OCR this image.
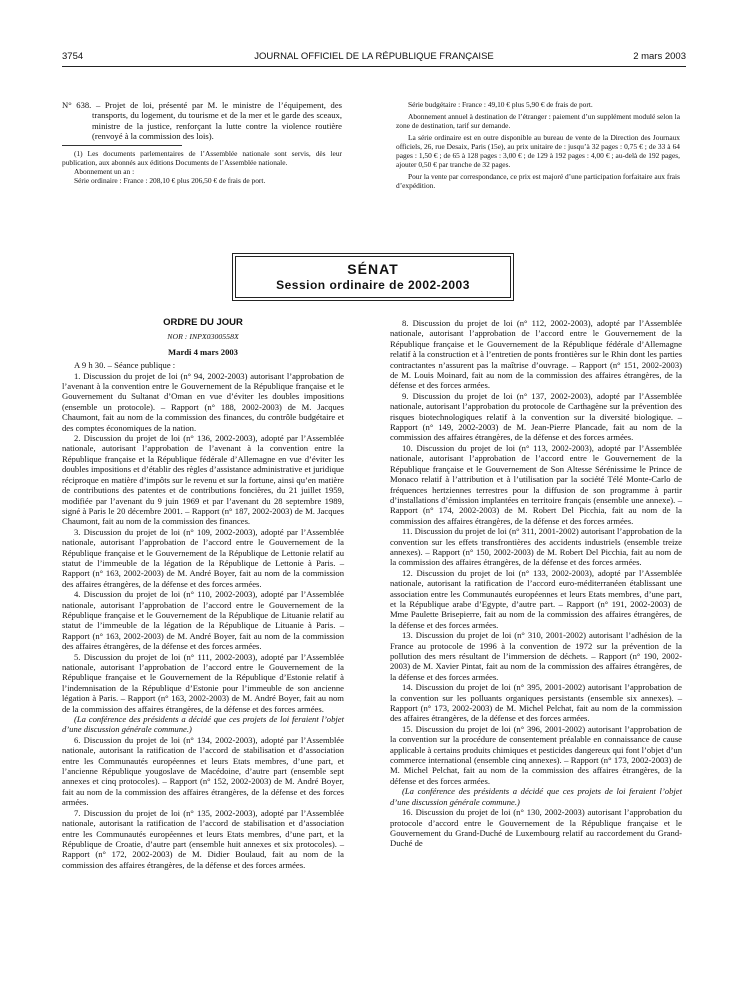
3754	JOURNAL OFFICIEL DE LA RÉPUBLIQUE FRANÇAISE	2 mars 2003

N° 638. – Projet de loi, présenté par M. le ministre de l’équipement, des transports, du logement, du tourisme et de la mer et le garde des sceaux, ministre de la justice, renforçant la lutte contre la violence routière (renvoyé à la commission des lois).

(1) Les documents parlementaires de l’Assemblée nationale sont servis, dès leur publication, aux abonnés aux éditions Documents de l’Assemblée nationale.

Abonnement un an :

Série ordinaire : France : 208,10 € plus 206,50 € de frais de port.

Série budgétaire : France : 49,10 € plus 5,90 € de frais de port.

Abonnement annuel à destination de l’étranger : paiement d’un supplément modulé selon la zone de destination, tarif sur demande.

La série ordinaire est en outre disponible au bureau de vente de la Direction des Journaux officiels, 26, rue Desaix, Paris (15e), au prix unitaire de : jusqu’à 32 pages : 0,75 € ; de 33 à 64 pages : 1,50 € ; de 65 à 128 pages : 3,00 € ; de 129 à 192 pages : 4,00 € ; au-delà de 192 pages, ajouter 0,50 € par tranche de 32 pages.

Pour la vente par correspondance, ce prix est majoré d’une participation forfaitaire aux frais d’expédition.

SÉNAT
Session ordinaire de 2002-2003

ORDRE DU JOUR

NOR : INPX0300558X

Mardi 4 mars 2003

A 9 h 30. – Séance publique :

1. Discussion du projet de loi (n° 94, 2002-2003) autorisant l’approbation de l’avenant à la convention entre le Gouvernement de la République française et le Gouvernement du Sultanat d’Oman en vue d’éviter les doubles impositions (ensemble un protocole). – Rapport (n° 188, 2002-2003) de M. Jacques Chaumont, fait au nom de la commission des finances, du contrôle budgétaire et des comptes économiques de la nation.

2. Discussion du projet de loi (n° 136, 2002-2003), adopté par l’Assemblée nationale, autorisant l’approbation de l’avenant à la convention entre la République française et la République fédérale d’Allemagne en vue d’éviter les doubles impositions et d’établir des règles d’assistance administrative et juridique réciproque en matière d’impôts sur le revenu et sur la fortune, ainsi qu’en matière de contributions des patentes et de contributions foncières, du 21 juillet 1959, modifiée par l’avenant du 9 juin 1969 et par l’avenant du 28 septembre 1989, signé à Paris le 20 décembre 2001. – Rapport (n° 187, 2002-2003) de M. Jacques Chaumont, fait au nom de la commission des finances.

3. Discussion du projet de loi (n° 109, 2002-2003), adopté par l’Assemblée nationale, autorisant l’approbation de l’accord entre le Gouvernement de la République française et le Gouvernement de la République de Lettonie relatif au statut de l’immeuble de la légation de la République de Lettonie à Paris. – Rapport (n° 163, 2002-2003) de M. André Boyer, fait au nom de la commission des affaires étrangères, de la défense et des forces armées.

4. Discussion du projet de loi (n° 110, 2002-2003), adopté par l’Assemblée nationale, autorisant l’approbation de l’accord entre le Gouvernement de la République française et le Gouvernement de la République de Lituanie relatif au statut de l’immeuble de la légation de la République de Lituanie à Paris. – Rapport (n° 163, 2002-2003) de M. André Boyer, fait au nom de la commission des affaires étrangères, de la défense et des forces armées.

5. Discussion du projet de loi (n° 111, 2002-2003), adopté par l’Assemblée nationale, autorisant l’approbation de l’accord entre le Gouvernement de la République française et le Gouvernement de la République d’Estonie relatif à l’indemnisation de la République d’Estonie pour l’immeuble de son ancienne légation à Paris. – Rapport (n° 163, 2002-2003) de M. André Boyer, fait au nom de la commission des affaires étrangères, de la défense et des forces armées.

(La conférence des présidents a décidé que ces projets de loi feraient l’objet d’une discussion générale commune.)

6. Discussion du projet de loi (n° 134, 2002-2003), adopté par l’Assemblée nationale, autorisant la ratification de l’accord de stabilisation et d’association entre les Communautés européennes et leurs Etats membres, d’une part, et l’ancienne République yougoslave de Macédoine, d’autre part (ensemble sept annexes et cinq protocoles). – Rapport (n° 152, 2002-2003) de M. André Boyer, fait au nom de la commission des affaires étrangères, de la défense et des forces armées.

7. Discussion du projet de loi (n° 135, 2002-2003), adopté par l’Assemblée nationale, autorisant la ratification de l’accord de stabilisation et d’association entre les Communautés européennes et leurs Etats membres, d’une part, et la République de Croatie, d’autre part (ensemble huit annexes et six protocoles). – Rapport (n° 172, 2002-2003) de M. Didier Boulaud, fait au nom de la commission des affaires étrangères, de la défense et des forces armées.

8. Discussion du projet de loi (n° 112, 2002-2003), adopté par l’Assemblée nationale, autorisant l’approbation de l’accord entre le Gouvernement de la République française et le Gouvernement de la République fédérale d’Allemagne relatif à la construction et à l’entretien de ponts frontières sur le Rhin dont les parties contractantes n’assurent pas la maîtrise d’ouvrage. – Rapport (n° 151, 2002-2003) de M. Louis Moinard, fait au nom de la commission des affaires étrangères, de la défense et des forces armées.

9. Discussion du projet de loi (n° 137, 2002-2003), adopté par l’Assemblée nationale, autorisant l’approbation du protocole de Carthagène sur la prévention des risques biotechnologiques relatif à la convention sur la diversité biologique. – Rapport (n° 149, 2002-2003) de M. Jean-Pierre Plancade, fait au nom de la commission des affaires étrangères, de la défense et des forces armées.

10. Discussion du projet de loi (n° 113, 2002-2003), adopté par l’Assemblée nationale, autorisant l’approbation de l’accord entre le Gouvernement de la République française et le Gouvernement de Son Altesse Sérénissime le Prince de Monaco relatif à l’attribution et à l’utilisation par la société Télé Monte-Carlo de fréquences hertziennes terrestres pour la diffusion de son programme à partir d’installations d’émission implantées en territoire français (ensemble une annexe). – Rapport (n° 174, 2002-2003) de M. Robert Del Picchia, fait au nom de la commission des affaires étrangères, de la défense et des forces armées.

11. Discussion du projet de loi (n° 311, 2001-2002) autorisant l’approbation de la convention sur les effets transfrontières des accidents industriels (ensemble treize annexes). – Rapport (n° 150, 2002-2003) de M. Robert Del Picchia, fait au nom de la commission des affaires étrangères, de la défense et des forces armées.

12. Discussion du projet de loi (n° 133, 2002-2003), adopté par l’Assemblée nationale, autorisant la ratification de l’accord euro-méditerranéen établissant une association entre les Communautés européennes et leurs Etats membres, d’une part, et la République arabe d’Egypte, d’autre part. – Rapport (n° 191, 2002-2003) de Mme Paulette Brisepierre, fait au nom de la commission des affaires étrangères, de la défense et des forces armées.

13. Discussion du projet de loi (n° 310, 2001-2002) autorisant l’adhésion de la France au protocole de 1996 à la convention de 1972 sur la prévention de la pollution des mers résultant de l’immersion de déchets. – Rapport (n° 190, 2002-2003) de M. Xavier Pintat, fait au nom de la commission des affaires étrangères, de la défense et des forces armées.

14. Discussion du projet de loi (n° 395, 2001-2002) autorisant l’approbation de la convention sur les polluants organiques persistants (ensemble six annexes). – Rapport (n° 173, 2002-2003) de M. Michel Pelchat, fait au nom de la commission des affaires étrangères, de la défense et des forces armées.

15. Discussion du projet de loi (n° 396, 2001-2002) autorisant l’approbation de la convention sur la procédure de consentement préalable en connaissance de cause applicable à certains produits chimiques et pesticides dangereux qui font l’objet d’un commerce international (ensemble cinq annexes). – Rapport (n° 173, 2002-2003) de M. Michel Pelchat, fait au nom de la commission des affaires étrangères, de la défense et des forces armées.

(La conférence des présidents a décidé que ces projets de loi feraient l’objet d’une discussion générale commune.)

16. Discussion du projet de loi (n° 130, 2002-2003) autorisant l’approbation du protocole d’accord entre le Gouvernement de la République française et le Gouvernement du Grand-Duché de Luxembourg relatif au raccordement du Grand-Duché de
